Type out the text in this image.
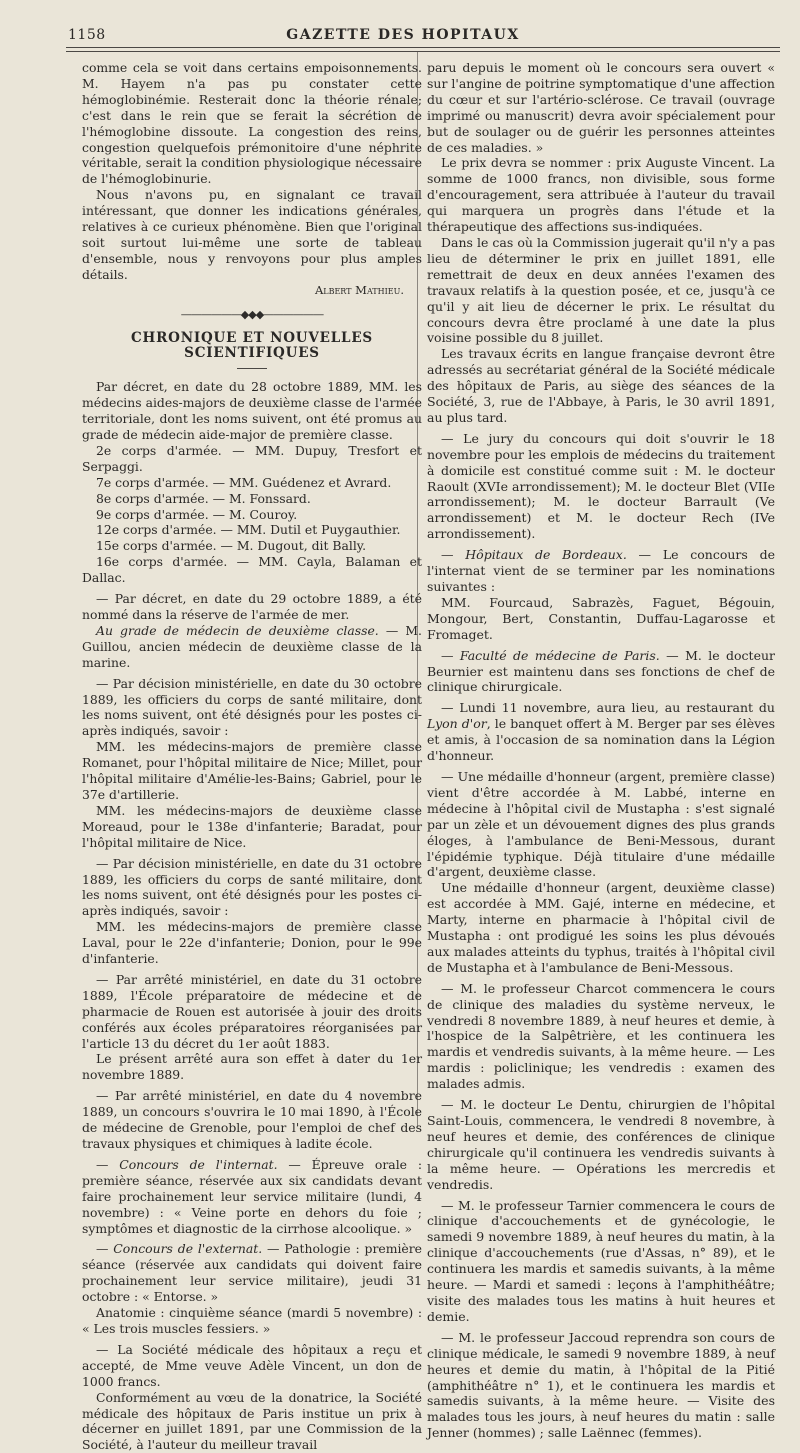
1158	GAZETTE DES HOPITAUX

comme cela se voit dans certains empoisonnements. M. Hayem n'a pas pu constater cette hémoglobinémie. Resterait donc la théorie rénale; c'est dans le rein que se ferait la sécrétion de l'hémoglobine dissoute. La congestion des reins, congestion quelquefois prémonitoire d'une néphrite véritable, serait la condition physiologique nécessaire de l'hémoglobinurie.

Nous n'avons pu, en signalant ce travail intéressant, que donner les indications générales, relatives à ce curieux phénomène. Bien que l'original soit surtout lui-même une sorte de tableau d'ensemble, nous y renvoyons pour plus amples détails.

Albert Mathieu.

——————◆◆◆——————
CHRONIQUE ET NOUVELLES SCIENTIFIQUES

Par décret, en date du 28 octobre 1889, MM. les médecins aides-majors de deuxième classe de l'armée territoriale, dont les noms suivent, ont été promus au grade de médecin aide-major de première classe.

2e corps d'armée. — MM. Dupuy, Tresfort et Serpaggi.

7e corps d'armée. — MM. Guédenez et Avrard.

8e corps d'armée. — M. Fonssard.

9e corps d'armée. — M. Couroy.

12e corps d'armée. — MM. Dutil et Puygauthier.

15e corps d'armée. — M. Dugout, dit Bally.

16e corps d'armée. — MM. Cayla, Balaman et Dallac.

— Par décret, en date du 29 octobre 1889, a été nommé dans la réserve de l'armée de mer.

Au grade de médecin de deuxième classe. — M. Guillou, ancien médecin de deuxième classe de la marine.

— Par décision ministérielle, en date du 30 octobre 1889, les officiers du corps de santé militaire, dont les noms suivent, ont été désignés pour les postes ci-après indiqués, savoir :

MM. les médecins-majors de première classe Romanet, pour l'hôpital militaire de Nice; Millet, pour l'hôpital militaire d'Amélie-les-Bains; Gabriel, pour le 37e d'artillerie.

MM. les médecins-majors de deuxième classe Moreaud, pour le 138e d'infanterie; Baradat, pour l'hôpital militaire de Nice.

— Par décision ministérielle, en date du 31 octobre 1889, les officiers du corps de santé militaire, dont les noms suivent, ont été désignés pour les postes ci-après indiqués, savoir :

MM. les médecins-majors de première classe Laval, pour le 22e d'infanterie; Donion, pour le 99e d'infanterie.

— Par arrêté ministériel, en date du 31 octobre 1889, l'École préparatoire de médecine et de pharmacie de Rouen est autorisée à jouir des droits conférés aux écoles préparatoires réorganisées par l'article 13 du décret du 1er août 1883.

Le présent arrêté aura son effet à dater du 1er novembre 1889.

— Par arrêté ministériel, en date du 4 novembre 1889, un concours s'ouvrira le 10 mai 1890, à l'École de médecine de Grenoble, pour l'emploi de chef des travaux physiques et chimiques à ladite école.

— Concours de l'internat. — Épreuve orale : première séance, réservée aux six candidats devant faire prochainement leur service militaire (lundi, 4 novembre) : « Veine porte en dehors du foie ; symptômes et diagnostic de la cirrhose alcoolique. »

— Concours de l'externat. — Pathologie : première séance (réservée aux candidats qui doivent faire prochainement leur service militaire), jeudi 31 octobre : « Entorse. »

Anatomie : cinquième séance (mardi 5 novembre) : « Les trois muscles fessiers. »

— La Société médicale des hôpitaux a reçu et accepté, de Mme veuve Adèle Vincent, un don de 1000 francs.

Conformément au vœu de la donatrice, la Société médicale des hôpitaux de Paris institue un prix à décerner en juillet 1891, par une Commission de la Société, à l'auteur du meilleur travail

paru depuis le moment où le concours sera ouvert « sur l'angine de poitrine symptomatique d'une affection du cœur et sur l'artério-sclérose. Ce travail (ouvrage imprimé ou manuscrit) devra avoir spécialement pour but de soulager ou de guérir les personnes atteintes de ces maladies. »

Le prix devra se nommer : prix Auguste Vincent. La somme de 1000 francs, non divisible, sous forme d'encouragement, sera attribuée à l'auteur du travail qui marquera un progrès dans l'étude et la thérapeutique des affections sus-indiquées.

Dans le cas où la Commission jugerait qu'il n'y a pas lieu de déterminer le prix en juillet 1891, elle remettrait de deux en deux années l'examen des travaux relatifs à la question posée, et ce, jusqu'à ce qu'il y ait lieu de décerner le prix. Le résultat du concours devra être proclamé à une date la plus voisine possible du 8 juillet.

Les travaux écrits en langue française devront être adressés au secrétariat général de la Société médicale des hôpitaux de Paris, au siège des séances de la Société, 3, rue de l'Abbaye, à Paris, le 30 avril 1891, au plus tard.

— Le jury du concours qui doit s'ouvrir le 18 novembre pour les emplois de médecins du traitement à domicile est constitué comme suit : M. le docteur Raoult (XVIe arrondissement); M. le docteur Blet (VIIe arrondissement); M. le docteur Barrault (Ve arrondissement) et M. le docteur Rech (IVe arrondissement).

— Hôpitaux de Bordeaux. — Le concours de l'internat vient de se terminer par les nominations suivantes :

MM. Fourcaud, Sabrazès, Faguet, Bégouin, Mongour, Bert, Constantin, Duffau-Lagarosse et Fromaget.

— Faculté de médecine de Paris. — M. le docteur Beurnier est maintenu dans ses fonctions de chef de clinique chirurgicale.

— Lundi 11 novembre, aura lieu, au restaurant du Lyon d'or, le banquet offert à M. Berger par ses élèves et amis, à l'occasion de sa nomination dans la Légion d'honneur.

— Une médaille d'honneur (argent, première classe) vient d'être accordée à M. Labbé, interne en médecine à l'hôpital civil de Mustapha : s'est signalé par un zèle et un dévouement dignes des plus grands éloges, à l'ambulance de Beni-Messous, durant l'épidémie typhique. Déjà titulaire d'une médaille d'argent, deuxième classe.

Une médaille d'honneur (argent, deuxième classe) est accordée à MM. Gajé, interne en médecine, et Marty, interne en pharmacie à l'hôpital civil de Mustapha : ont prodigué les soins les plus dévoués aux malades atteints du typhus, traités à l'hôpital civil de Mustapha et à l'ambulance de Beni-Messous.

— M. le professeur Charcot commencera le cours de clinique des maladies du système nerveux, le vendredi 8 novembre 1889, à neuf heures et demie, à l'hospice de la Salpêtrière, et les continuera les mardis et vendredis suivants, à la même heure. — Les mardis : policlinique; les vendredis : examen des malades admis.

— M. le docteur Le Dentu, chirurgien de l'hôpital Saint-Louis, commencera, le vendredi 8 novembre, à neuf heures et demie, des conférences de clinique chirurgicale qu'il continuera les vendredis suivants à la même heure. — Opérations les mercredis et vendredis.

— M. le professeur Tarnier commencera le cours de clinique d'accouchements et de gynécologie, le samedi 9 novembre 1889, à neuf heures du matin, à la clinique d'accouchements (rue d'Assas, n° 89), et le continuera les mardis et samedis suivants, à la même heure. — Mardi et samedi : leçons à l'amphithéâtre; visite des malades tous les matins à huit heures et demie.

— M. le professeur Jaccoud reprendra son cours de clinique médicale, le samedi 9 novembre 1889, à neuf heures et demie du matin, à l'hôpital de la Pitié (amphithéâtre n° 1), et le continuera les mardis et samedis suivants, à la même heure. — Visite des malades tous les jours, à neuf heures du matin : salle Jenner (hommes) ; salle Laënnec (femmes).
